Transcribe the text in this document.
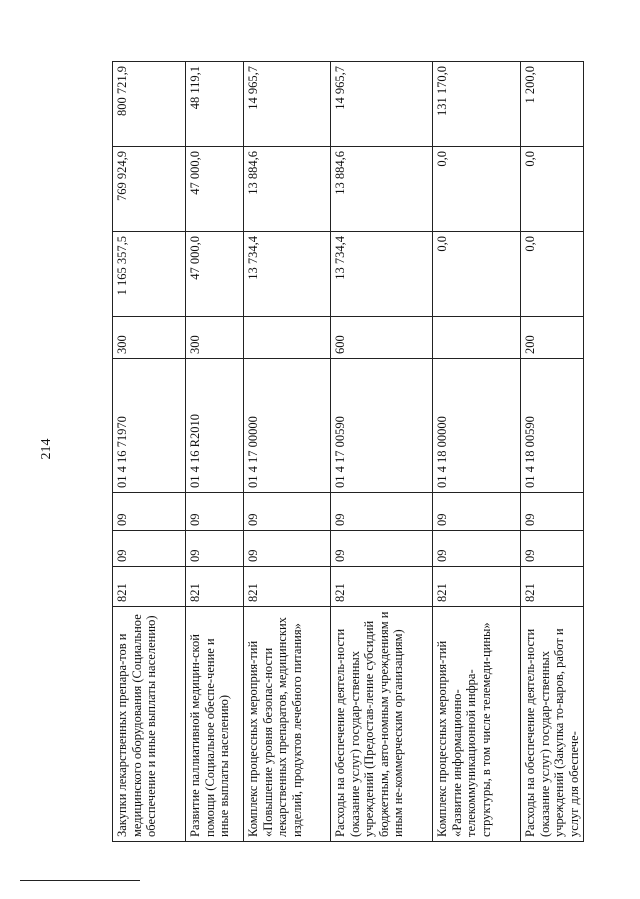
214
Закупки лекарственных препара-тов и медицинского оборудования (Социальное обеспечение и иные выплаты населению)	821	09	09	01 4 16 71970	300	1 165 357,5	769 924,9	800 721,9
Развитие паллиативной медицин-ской помощи (Социальное обеспе-чение и иные выплаты населению)	821	09	09	01 4 16 R2010	300	47 000,0	47 000,0	48 119,1
Комплекс процессных мероприя-тий «Повышение уровня безопас-ности лекарственных препаратов, медицинских изделий, продуктов лечебного питания»	821	09	09	01 4 17 00000		13 734,4	13 884,6	14 965,7
Расходы на обеспечение деятель-ности (оказание услуг) государ-ственных учреждений (Предостав-ление субсидий бюджетным, авто-номным учреждениям и иным не-коммерческим организациям)	821	09	09	01 4 17 00590	600	13 734,4	13 884,6	14 965,7
Комплекс процессных мероприя-тий «Развитие информационно-телекоммуникационной инфра-структуры, в том числе телемеди-цины»	821	09	09	01 4 18 00000		0,0	0,0	131 170,0
Расходы на обеспечение деятель-ности (оказание услуг) государ-ственных учреждений (Закупка то-варов, работ и услуг для обеспече-	821	09	09	01 4 18 00590	200	0,0	0,0	1 200,0
